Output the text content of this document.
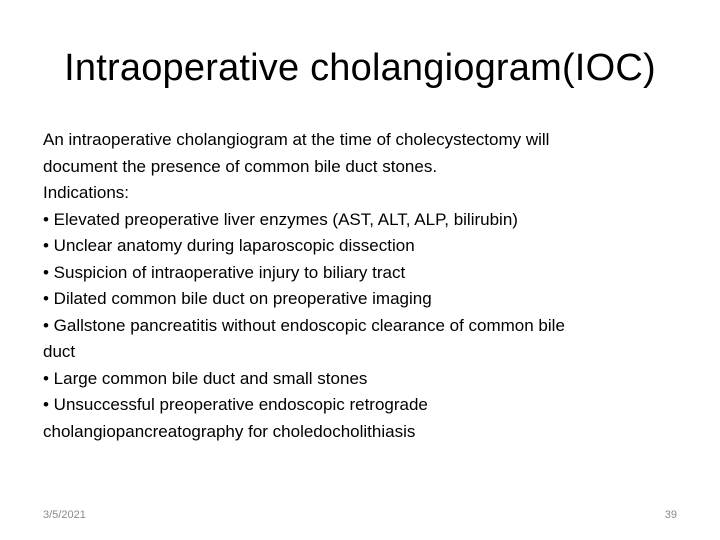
Intraoperative cholangiogram(IOC)
An intraoperative cholangiogram at the time of cholecystectomy will
document the presence of common bile duct stones.
Indications:
• Elevated preoperative liver enzymes (AST, ALT, ALP, bilirubin)
• Unclear anatomy during laparoscopic dissection
• Suspicion of intraoperative injury to biliary tract
• Dilated common bile duct on preoperative imaging
• Gallstone pancreatitis without endoscopic clearance of common bile
duct
• Large common bile duct and small stones
• Unsuccessful preoperative endoscopic retrograde
cholangiopancreatography for choledocholithiasis
3/5/2021	39
